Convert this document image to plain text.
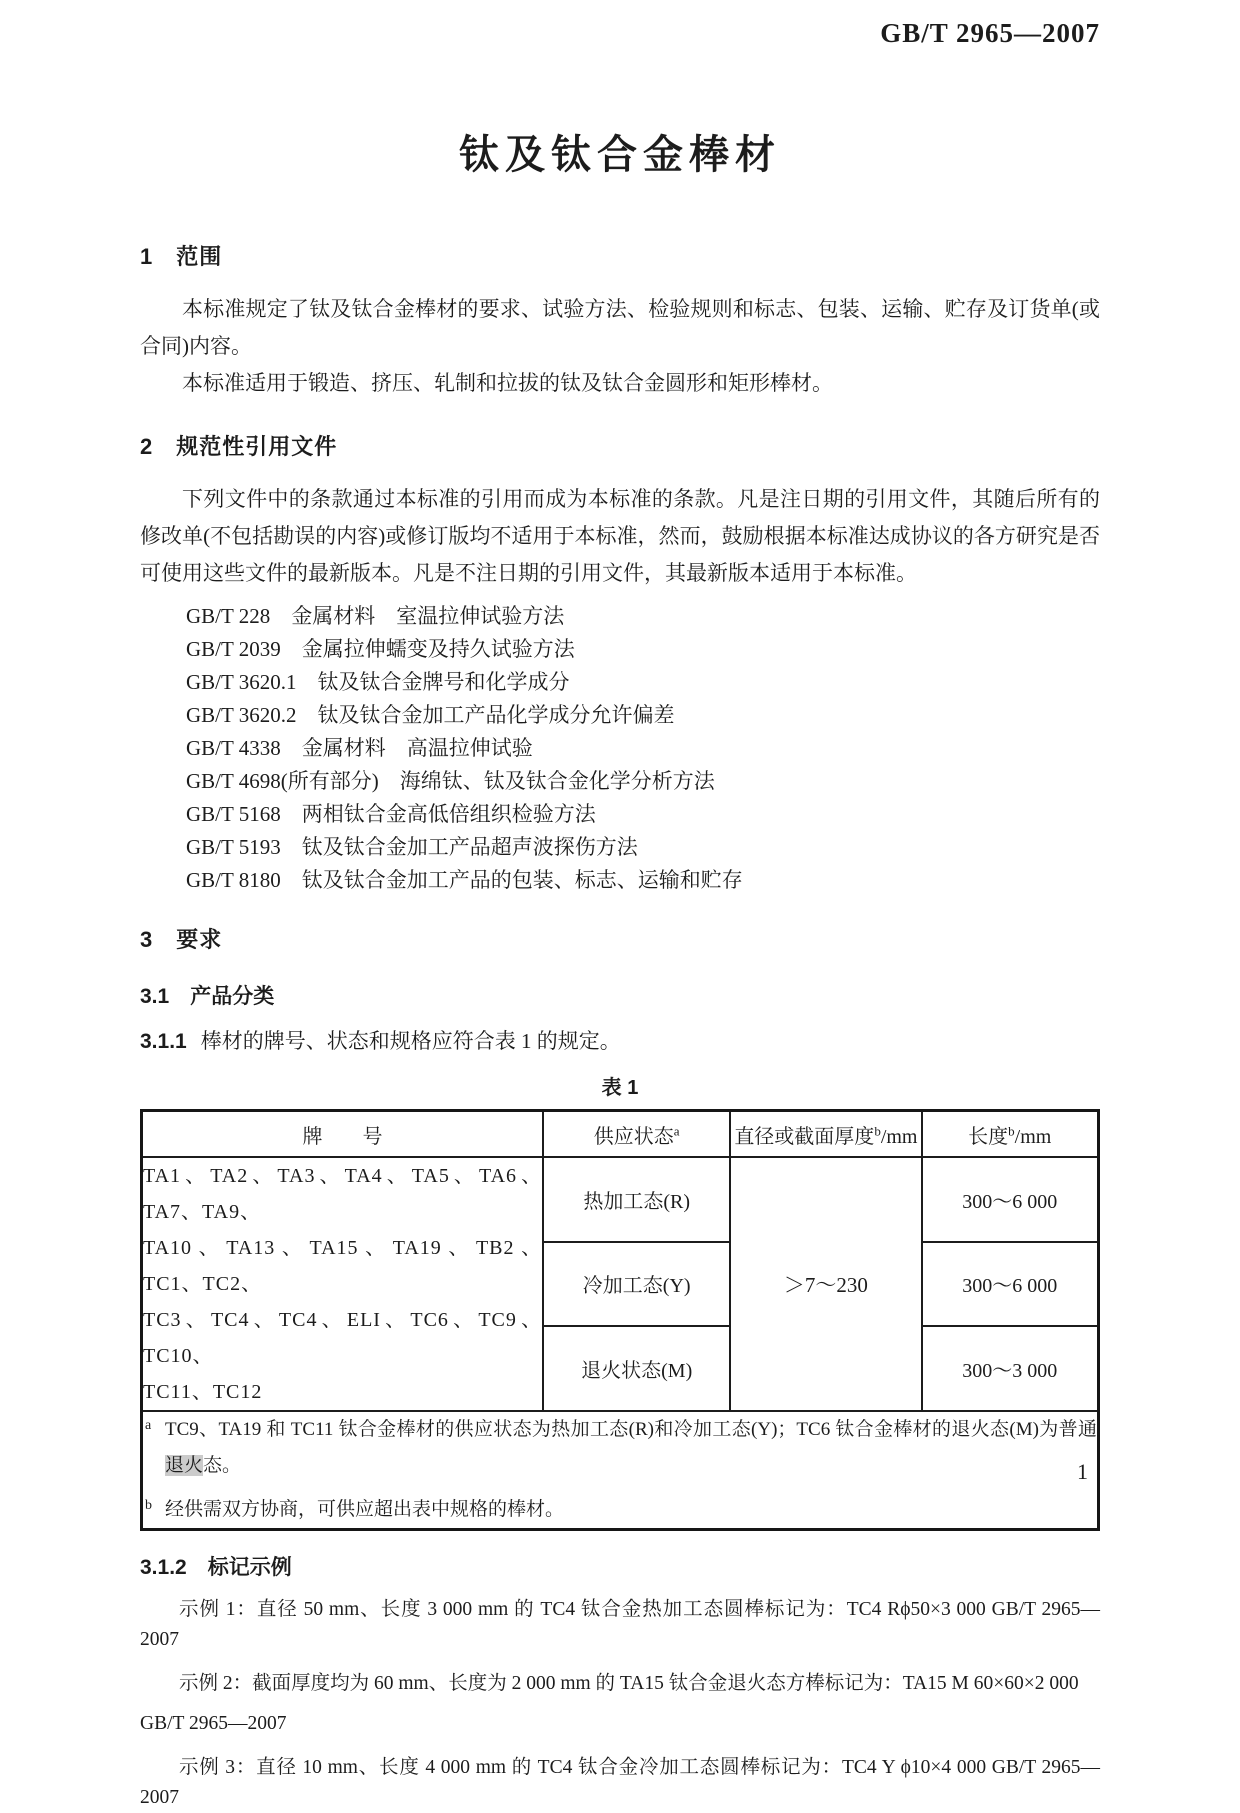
GB/T 2965—2007
钛及钛合金棒材
1　范围
本标准规定了钛及钛合金棒材的要求、试验方法、检验规则和标志、包装、运输、贮存及订货单(或合同)内容。
本标准适用于锻造、挤压、轧制和拉拔的钛及钛合金圆形和矩形棒材。
2　规范性引用文件
下列文件中的条款通过本标准的引用而成为本标准的条款。凡是注日期的引用文件，其随后所有的修改单(不包括勘误的内容)或修订版均不适用于本标准，然而，鼓励根据本标准达成协议的各方研究是否可使用这些文件的最新版本。凡是不注日期的引用文件，其最新版本适用于本标准。
GB/T 228　金属材料　室温拉伸试验方法
GB/T 2039　金属拉伸蠕变及持久试验方法
GB/T 3620.1　钛及钛合金牌号和化学成分
GB/T 3620.2　钛及钛合金加工产品化学成分允许偏差
GB/T 4338　金属材料　高温拉伸试验
GB/T 4698(所有部分)　海绵钛、钛及钛合金化学分析方法
GB/T 5168　两相钛合金高低倍组织检验方法
GB/T 5193　钛及钛合金加工产品超声波探伤方法
GB/T 8180　钛及钛合金加工产品的包装、标志、运输和贮存
3　要求
3.1　产品分类
3.1.1 棒材的牌号、状态和规格应符合表 1 的规定。
表 1
牌　　号	供应状态$^a$	直径或截面厚度$^b$/mm	长度$^b$/mm

TA1、TA2、TA3、TA4、TA5、TA6、TA7、TA9、
TA10、TA13、TA15、TA19、TB2、TC1、TC2、
TC3、TC4、TC4、ELI、TC6、TC9、TC10、
TC11、TC12	热加工态(R)	＞7～230	300～6 000
	冷加工态(Y)		300～6 000
	退火状态(M)		300～3 000

a TC9、TA19 和 TC11 钛合金棒材的供应状态为热加工态(R)和冷加工态(Y)；TC6 钛合金棒材的退火态(M)为普通退火态。
b 经供需双方协商，可供应超出表中规格的棒材。			
3.1.2　标记示例
示例 1：直径 50 mm、长度 3 000 mm 的 TC4 钛合金热加工态圆棒标记为：TC4 Rϕ50×3 000 GB/T 2965—2007
示例 2：截面厚度均为 60 mm、长度为 2 000 mm 的 TA15 钛合金退火态方棒标记为：TA15 M 60×60×2 000
GB/T 2965—2007
示例 3：直径 10 mm、长度 4 000 mm 的 TC4 钛合金冷加工态圆棒标记为：TC4 Y ϕ10×4 000 GB/T 2965—2007
1
